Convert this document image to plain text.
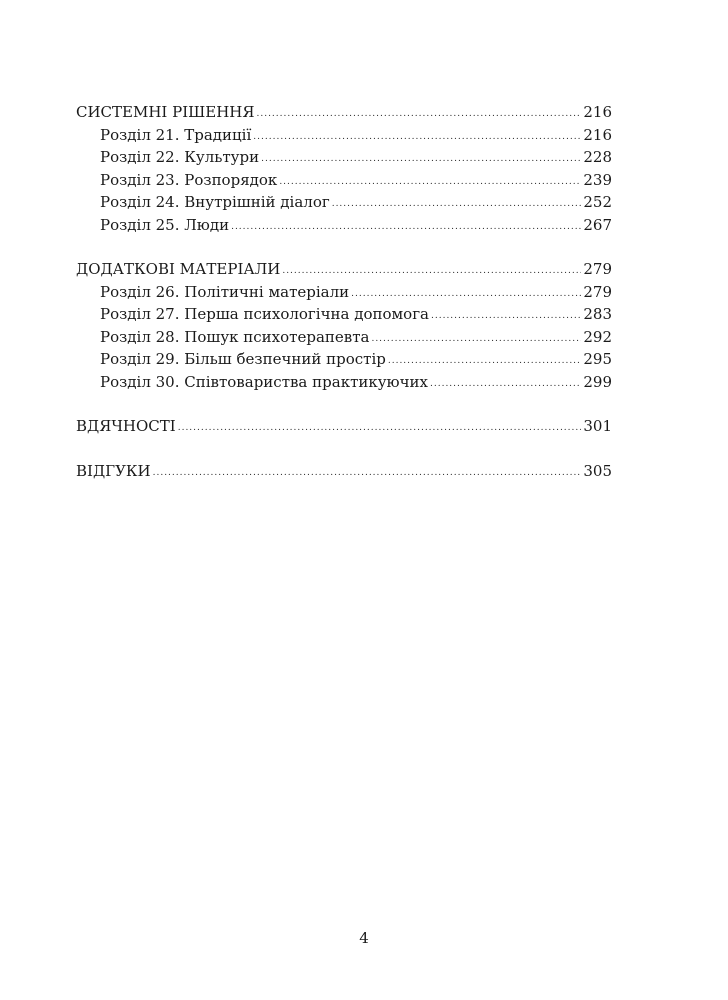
СИСТЕМНІ РІШЕННЯ .....	216
Розділ 21. Традиції .....	216
Розділ 22. Культури .....	228
Розділ 23. Розпорядок .....	239
Розділ 24. Внутрішній діалог .....	252
Розділ 25. Люди .....	267
ДОДАТКОВІ МАТЕРІАЛИ .....	279
Розділ 26. Політичні матеріали .....	279
Розділ 27. Перша психологічна допомога .....	283
Розділ 28. Пошук психотерапевта .....	292
Розділ 29. Більш безпечний простір .....	295
Розділ 30. Співтовариства практикуючих .....	299
ВДЯЧНОСТІ .....	301
ВІДГУКИ .....	305
4
